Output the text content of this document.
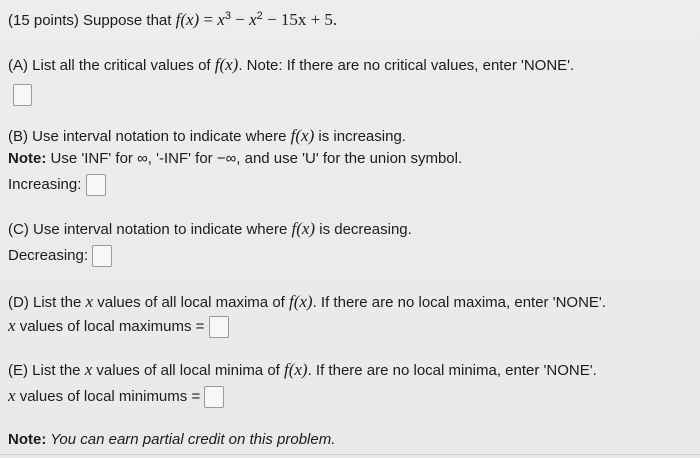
(15 points) Suppose that $f(x) = x^3 - x^2 - 15x + 5$.
(A) List all the critical values of f(x). Note: If there are no critical values, enter 'NONE'.
(B) Use interval notation to indicate where f(x) is increasing.
Note: Use 'INF' for ∞, '-INF' for −∞, and use 'U' for the union symbol.
Increasing:
(C) Use interval notation to indicate where f(x) is decreasing.
Decreasing:
(D) List the x values of all local maxima of f(x). If there are no local maxima, enter 'NONE'.
x values of local maximums =
(E) List the x values of all local minima of f(x). If there are no local minima, enter 'NONE'.
x values of local minimums =
Note: You can earn partial credit on this problem.
